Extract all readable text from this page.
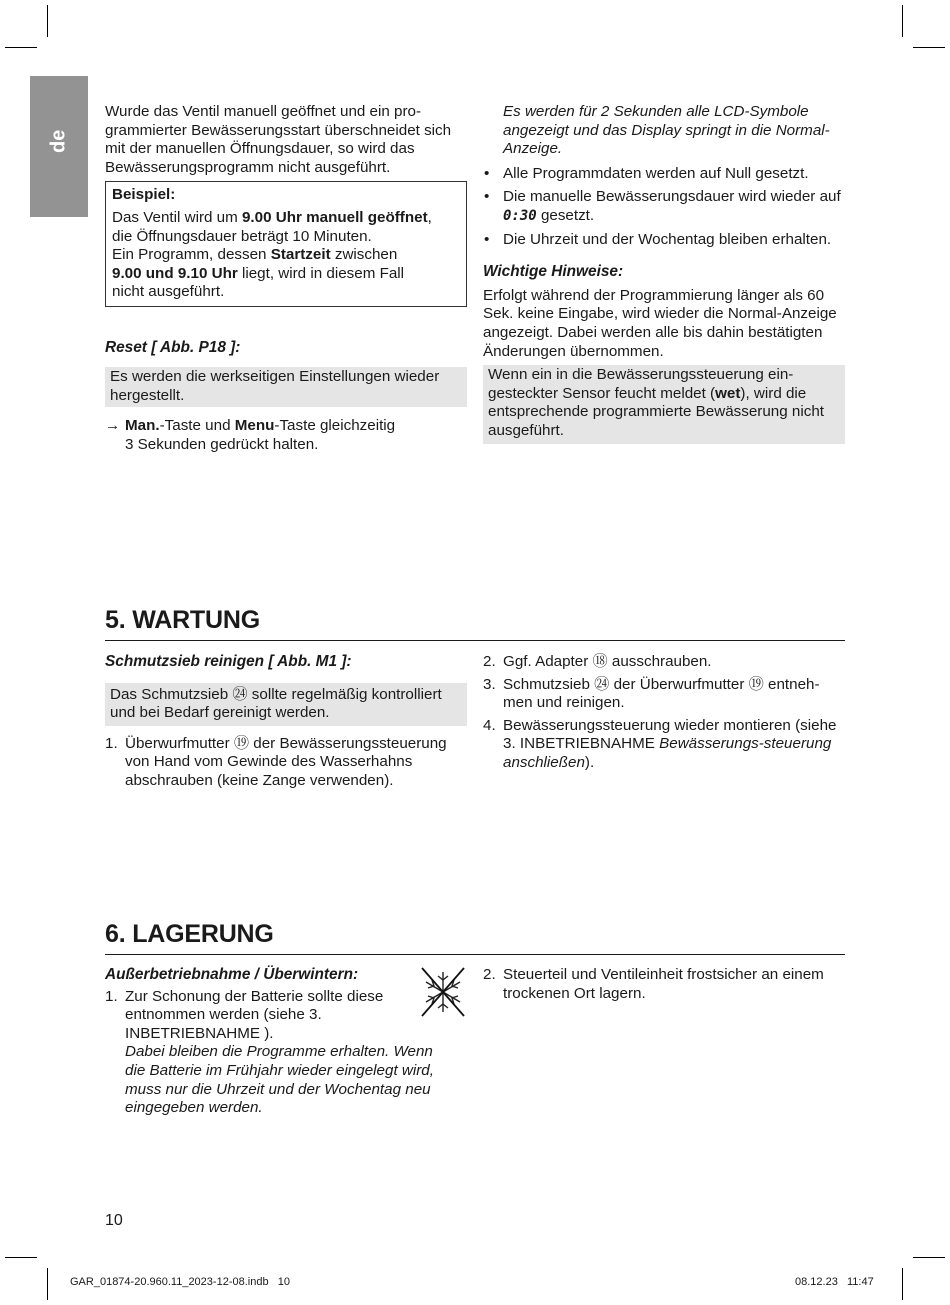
de

Wurde das Ventil manuell geöffnet und ein pro-grammierter Bewässerungsstart überschneidet sich mit der manuellen Öffnungsdauer, so wird das Bewässerungsprogramm nicht ausgeführt.

Beispiel:
Das Ventil wird um 9.00 Uhr manuell geöffnet,
die Öffnungsdauer beträgt 10 Minuten.
Ein Programm, dessen Startzeit zwischen
9.00 und 9.10 Uhr liegt, wird in diesem Fall
nicht ausgeführt.
Reset [ Abb. P18 ]:
Es werden die werkseitigen Einstellungen wieder hergestellt.
→ Man.-Taste und Menu-Taste gleichzeitig
3 Sekunden gedrückt halten.

Es werden für 2 Sekunden alle LCD-Symbole angezeigt und das Display springt in die Normal-Anzeige.

• Alle Programmdaten werden auf Null gesetzt.
• Die manuelle Bewässerungsdauer wird wieder auf 0:30 gesetzt.
• Die Uhrzeit und der Wochentag bleiben erhalten.
Wichtige Hinweise:

Erfolgt während der Programmierung länger als 60 Sek. keine Eingabe, wird wieder die Normal-Anzeige angezeigt. Dabei werden alle bis dahin bestätigten Änderungen übernommen.

Wenn ein in die Bewässerungssteuerung ein-gesteckter Sensor feucht meldet (wet), wird die entsprechende programmierte Bewässerung nicht ausgeführt.
5. WARTUNG
Schmutzsieb reinigen [ Abb. M1 ]:
Das Schmutzsieb ㉔ sollte regelmäßig kontrolliert und bei Bedarf gereinigt werden.
1. Überwurfmutter ⑲ der Bewässerungssteuerung von Hand vom Gewinde des Wasserhahns abschrauben (keine Zange verwenden).
2. Ggf. Adapter ⑱ ausschrauben.
3. Schmutzsieb ㉔ der Überwurfmutter ⑲ entneh-men und reinigen.
4. Bewässerungssteuerung wieder montieren (siehe 3. INBETRIEBNAHME Bewässerungs-steuerung anschließen).
6. LAGERUNG
Außerbetriebnahme / Überwintern:
1. Zur Schonung der Batterie sollte diese entnommen werden (siehe 3. INBETRIEBNAHME ).
Dabei bleiben die Programme erhalten. Wenn die Batterie im Frühjahr wieder eingelegt wird, muss nur die Uhrzeit und der Wochentag neu eingegeben werden.
2. Steuerteil und Ventileinheit frostsicher an einem trockenen Ort lagern.
10
GAR_01874-20.960.11_2023-12-08.indb   10	08.12.23   11:47
